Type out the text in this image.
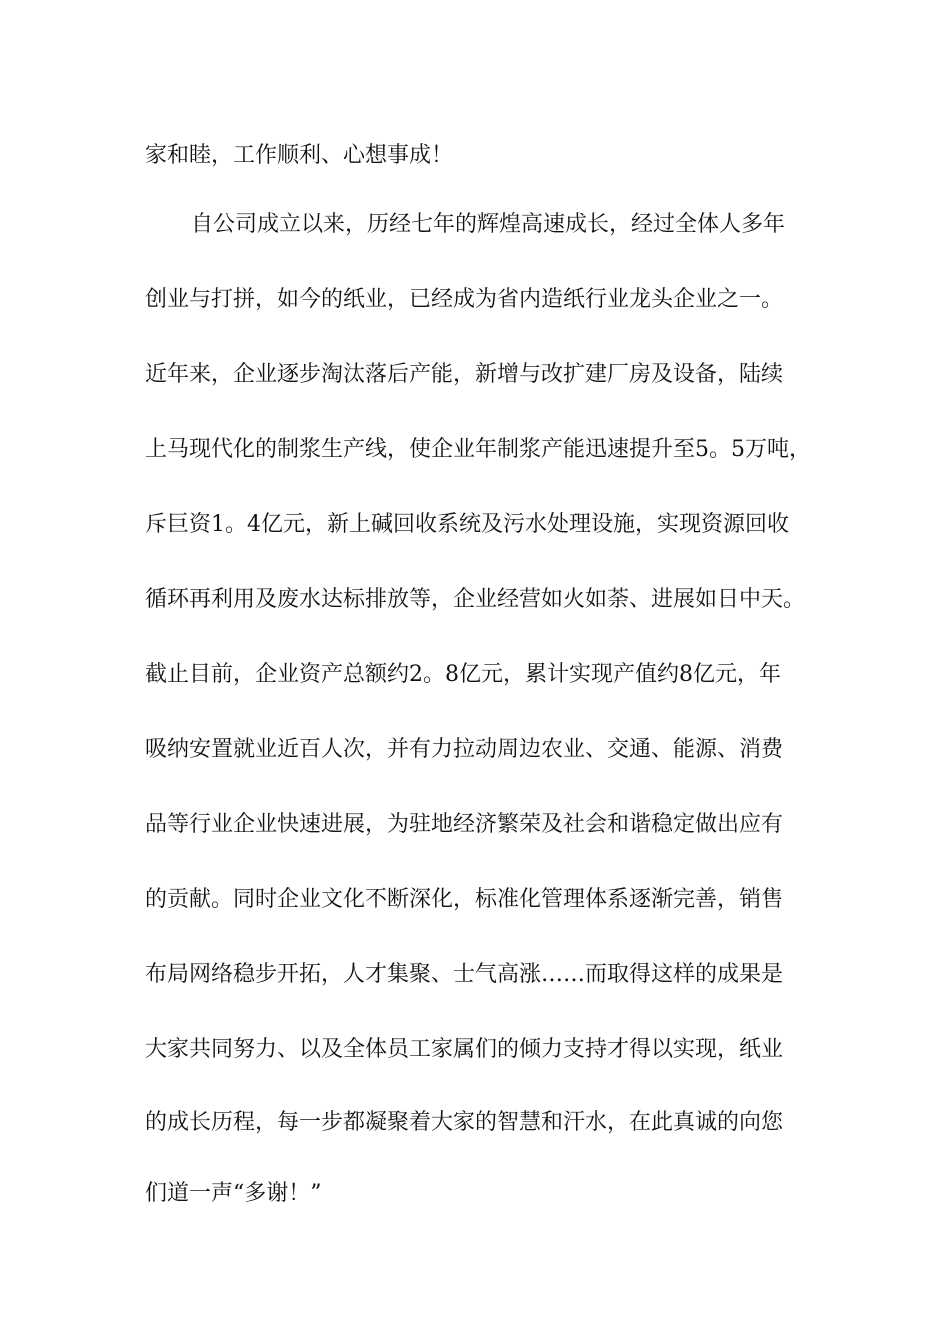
家和睦，工作顺利、心想事成！
自公司成立以来，历经七年的辉煌高速成长，经过全体人多年
创业与打拼，如今的纸业，已经成为省内造纸行业龙头企业之一。
近年来，企业逐步淘汰落后产能，新增与改扩建厂房及设备，陆续
上马现代化的制浆生产线，使企业年制浆产能迅速提升至5。5万吨，
斥巨资1。4亿元，新上碱回收系统及污水处理设施，实现资源回收
循环再利用及废水达标排放等，企业经营如火如荼、进展如日中天。
截止目前，企业资产总额约2。8亿元，累计实现产值约8亿元，年
吸纳安置就业近百人次，并有力拉动周边农业、交通、能源、消费
品等行业企业快速进展，为驻地经济繁荣及社会和谐稳定做出应有
的贡献。同时企业文化不断深化，标准化管理体系逐渐完善，销售
布局网络稳步开拓，人才集聚、士气高涨……而取得这样的成果是
大家共同努力、以及全体员工家属们的倾力支持才得以实现，纸业
的成长历程，每一步都凝聚着大家的智慧和汗水，在此真诚的向您
们道一声“多谢！”
